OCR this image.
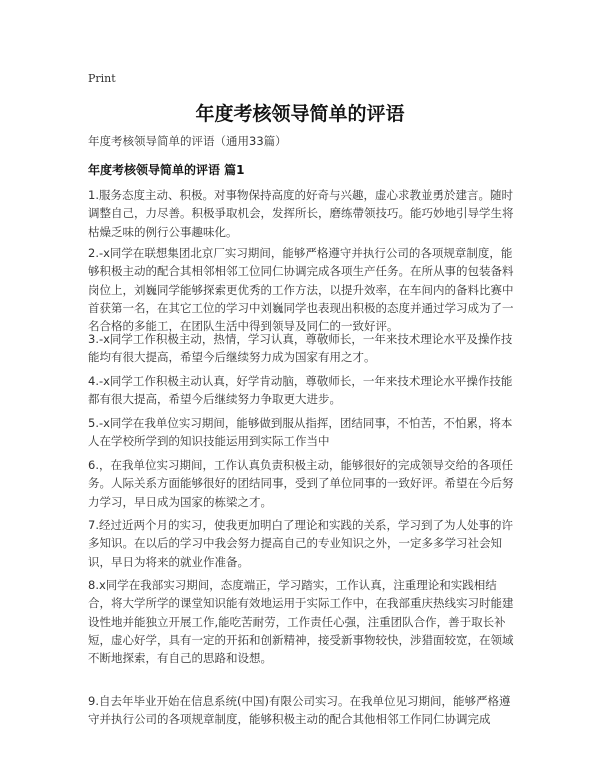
Print
年度考核领导简单的评语
年度考核领导简单的评语（通用33篇）
年度考核领导简单的评语 篇1
1.服务态度主动、积极。对事物保持高度的好奇与兴趣，虚心求教並勇於建言。随时调整自己，力尽善。积极爭取机会，发挥所长，磨练帶领技巧。能巧妙地引导学生将枯燥乏味的例行公事趣味化。
2.-x同学在联想集团北京厂实习期间，能够严格遵守并执行公司的各项规章制度，能够积极主动的配合其相邻相邻工位同仁协调完成各项生产任务。在所从事的包装备料岗位上，刘巍同学能够探索更优秀的工作方法，以提升效率，在车间内的备料比赛中首获第一名，在其它工位的学习中刘巍同学也表现出积极的态度并通过学习成为了一名合格的多能工，在团队生活中得到领导及同仁的一致好评。
3.-x同学工作积极主动，热情，学习认真，尊敬师长，一年来技术理论水平及操作技能均有很大提高，希望今后继续努力成为国家有用之才。
4.-x同学工作积极主动认真，好学肯动脑，尊敬师长，一年来技术理论水平操作技能都有很大提高，希望今后继续努力争取更大进步。
5.-x同学在我单位实习期间，能够做到服从指挥，团结同事，不怕苦，不怕累，将本人在学校所学到的知识技能运用到实际工作当中
6.，在我单位实习期间，工作认真负责积极主动，能够很好的完成领导交给的各项任务。人际关系方面能够很好的团结同事，受到了单位同事的一致好评。希望在今后努力学习，早日成为国家的栋梁之才。
7.经过近两个月的实习，使我更加明白了理论和实践的关系，学习到了为人处事的许多知识。在以后的学习中我会努力提高自己的专业知识之外，一定多多学习社会知识，早日为将来的就业作准备。
8.x同学在我部实习期间，态度端正，学习踏实，工作认真，注重理论和实践相结合，将大学所学的课堂知识能有效地运用于实际工作中，在我部重庆热线实习时能建设性地并能独立开展工作,能吃苦耐劳，工作责任心强，注重团队合作，善于取长补短，虚心好学，具有一定的开拓和创新精神，接受新事物较快，涉猎面较宽，在领域不断地探索，有自己的思路和设想。
9.自去年毕业开始在信息系统(中国)有限公司实习。在我单位见习期间，能够严格遵守并执行公司的各项规章制度，能够积极主动的配合其他相邻工作同仁协调完成
